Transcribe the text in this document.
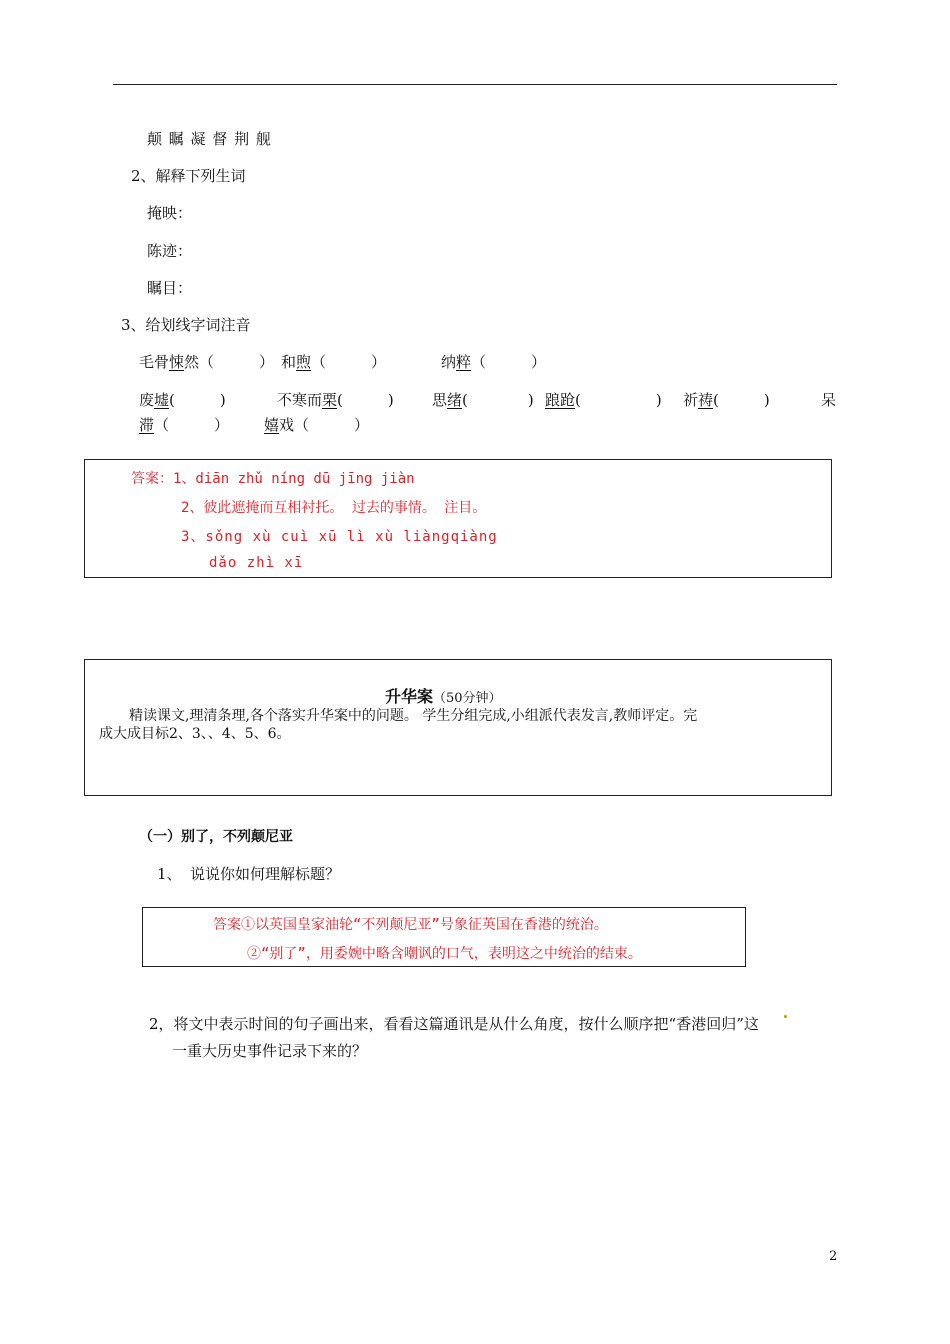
颠 瞩 凝 督 荆 舰
2、解释下列生词
掩映：
陈迹：
瞩目：
3、给划线字词注音
毛骨悚然（　　　） 和煦（　　　）	纳粹（　　　）
废墟(　　　)	不寒而栗(　　　)	思绪(　　　　) 踉跄(　　　　　) 祈祷(　　　)	呆
滞（　　　） 嬉戏（　　　）
答案：1、diān zhǔ níng dū jīng jiàn
2、彼此遮掩而互相衬托。 过去的事情。 注目。
3、sǒng xù cuì xū lì xù liàngqiàng
dǎo zhì xī
升华案（50分钟）
精读课文,理清条理,各个落实升华案中的问题。 学生分组完成,小组派代表发言,教师评定。完
成大成目标2、3、、4、5、6。
（一）别了，不列颠尼亚
1、 说说你如何理解标题？
答案①以英国皇家油轮“不列颠尼亚”号象征英国在香港的统治。
②“别了”，用委婉中略含嘲讽的口气，表明这之中统治的结束。
2，将文中表示时间的句子画出来，看看这篇通讯是从什么角度，按什么顺序把“香港回归”这
一重大历史事件记录下来的？
2
